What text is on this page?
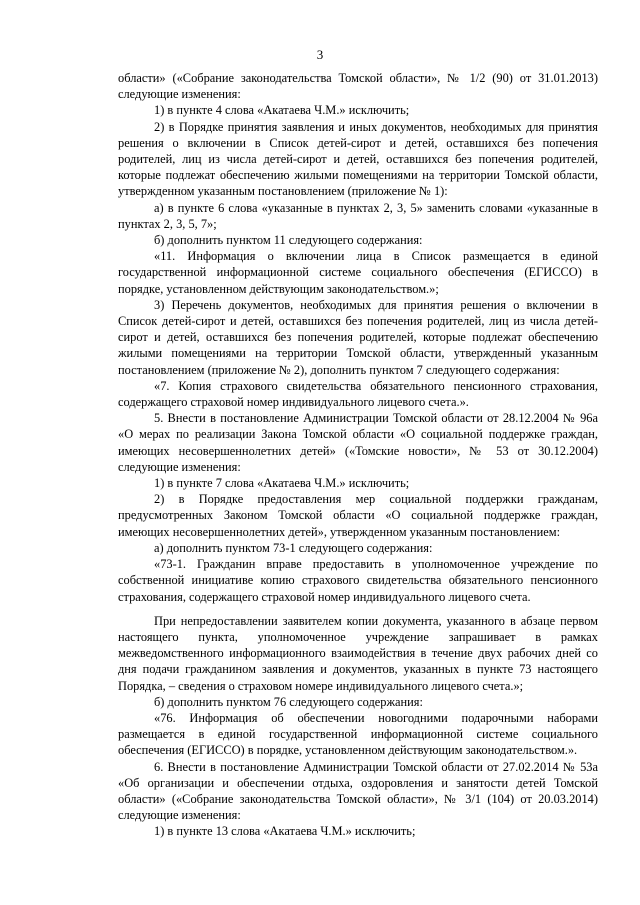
3

области» («Собрание законодательства Томской области», № 1/2 (90) от 31.01.2013) следующие изменения:

1) в пункте 4 слова «Акатаева Ч.М.» исключить;

2) в Порядке принятия заявления и иных документов, необходимых для принятия решения о включении в Список детей-сирот и детей, оставшихся без попечения родителей, лиц из числа детей-сирот и детей, оставшихся без попечения родителей, которые подлежат обеспечению жилыми помещениями на территории Томской области, утвержденном указанным постановлением (приложение № 1):

а) в пункте 6 слова «указанные в пунктах 2, 3, 5» заменить словами «указанные в пунктах 2, 3, 5, 7»;

б) дополнить пунктом 11 следующего содержания:

«11. Информация о включении лица в Список размещается в единой государственной информационной системе социального обеспечения (ЕГИССО) в порядке, установленном действующим законодательством.»;

3) Перечень документов, необходимых для принятия решения о включении в Список детей-сирот и детей, оставшихся без попечения родителей, лиц из числа детей-сирот и детей, оставшихся без попечения родителей, которые подлежат обеспечению жилыми помещениями на территории Томской области, утвержденный указанным постановлением (приложение № 2), дополнить пунктом 7 следующего содержания:

«7. Копия страхового свидетельства обязательного пенсионного страхования, содержащего страховой номер индивидуального лицевого счета.».

5. Внести в постановление Администрации Томской области от 28.12.2004 № 96а «О мерах по реализации Закона Томской области «О социальной поддержке граждан, имеющих несовершеннолетних детей» («Томские новости», № 53 от 30.12.2004) следующие изменения:

1) в пункте 7 слова «Акатаева Ч.М.» исключить;

2) в Порядке предоставления мер социальной поддержки гражданам, предусмотренных Законом Томской области «О социальной поддержке граждан, имеющих несовершеннолетних детей», утвержденном указанным постановлением:

а) дополнить пунктом 73-1 следующего содержания:

«73-1. Гражданин вправе предоставить в уполномоченное учреждение по собственной инициативе копию страхового свидетельства обязательного пенсионного страхования, содержащего страховой номер индивидуального лицевого счета.

При непредоставлении заявителем копии документа, указанного в абзаце первом настоящего пункта, уполномоченное учреждение запрашивает в рамках межведомственного информационного взаимодействия в течение двух рабочих дней со дня подачи гражданином заявления и документов, указанных в пункте 73 настоящего Порядка, – сведения о страховом номере индивидуального лицевого счета.»;

б) дополнить пунктом 76 следующего содержания:

«76. Информация об обеспечении новогодними подарочными наборами размещается в единой государственной информационной системе социального обеспечения (ЕГИССО) в порядке, установленном действующим законодательством.».

6. Внести в постановление Администрации Томской области от 27.02.2014 № 53а «Об организации и обеспечении отдыха, оздоровления и занятости детей Томской области» («Собрание законодательства Томской области», № 3/1 (104) от 20.03.2014) следующие изменения:

1) в пункте 13 слова «Акатаева Ч.М.» исключить;
